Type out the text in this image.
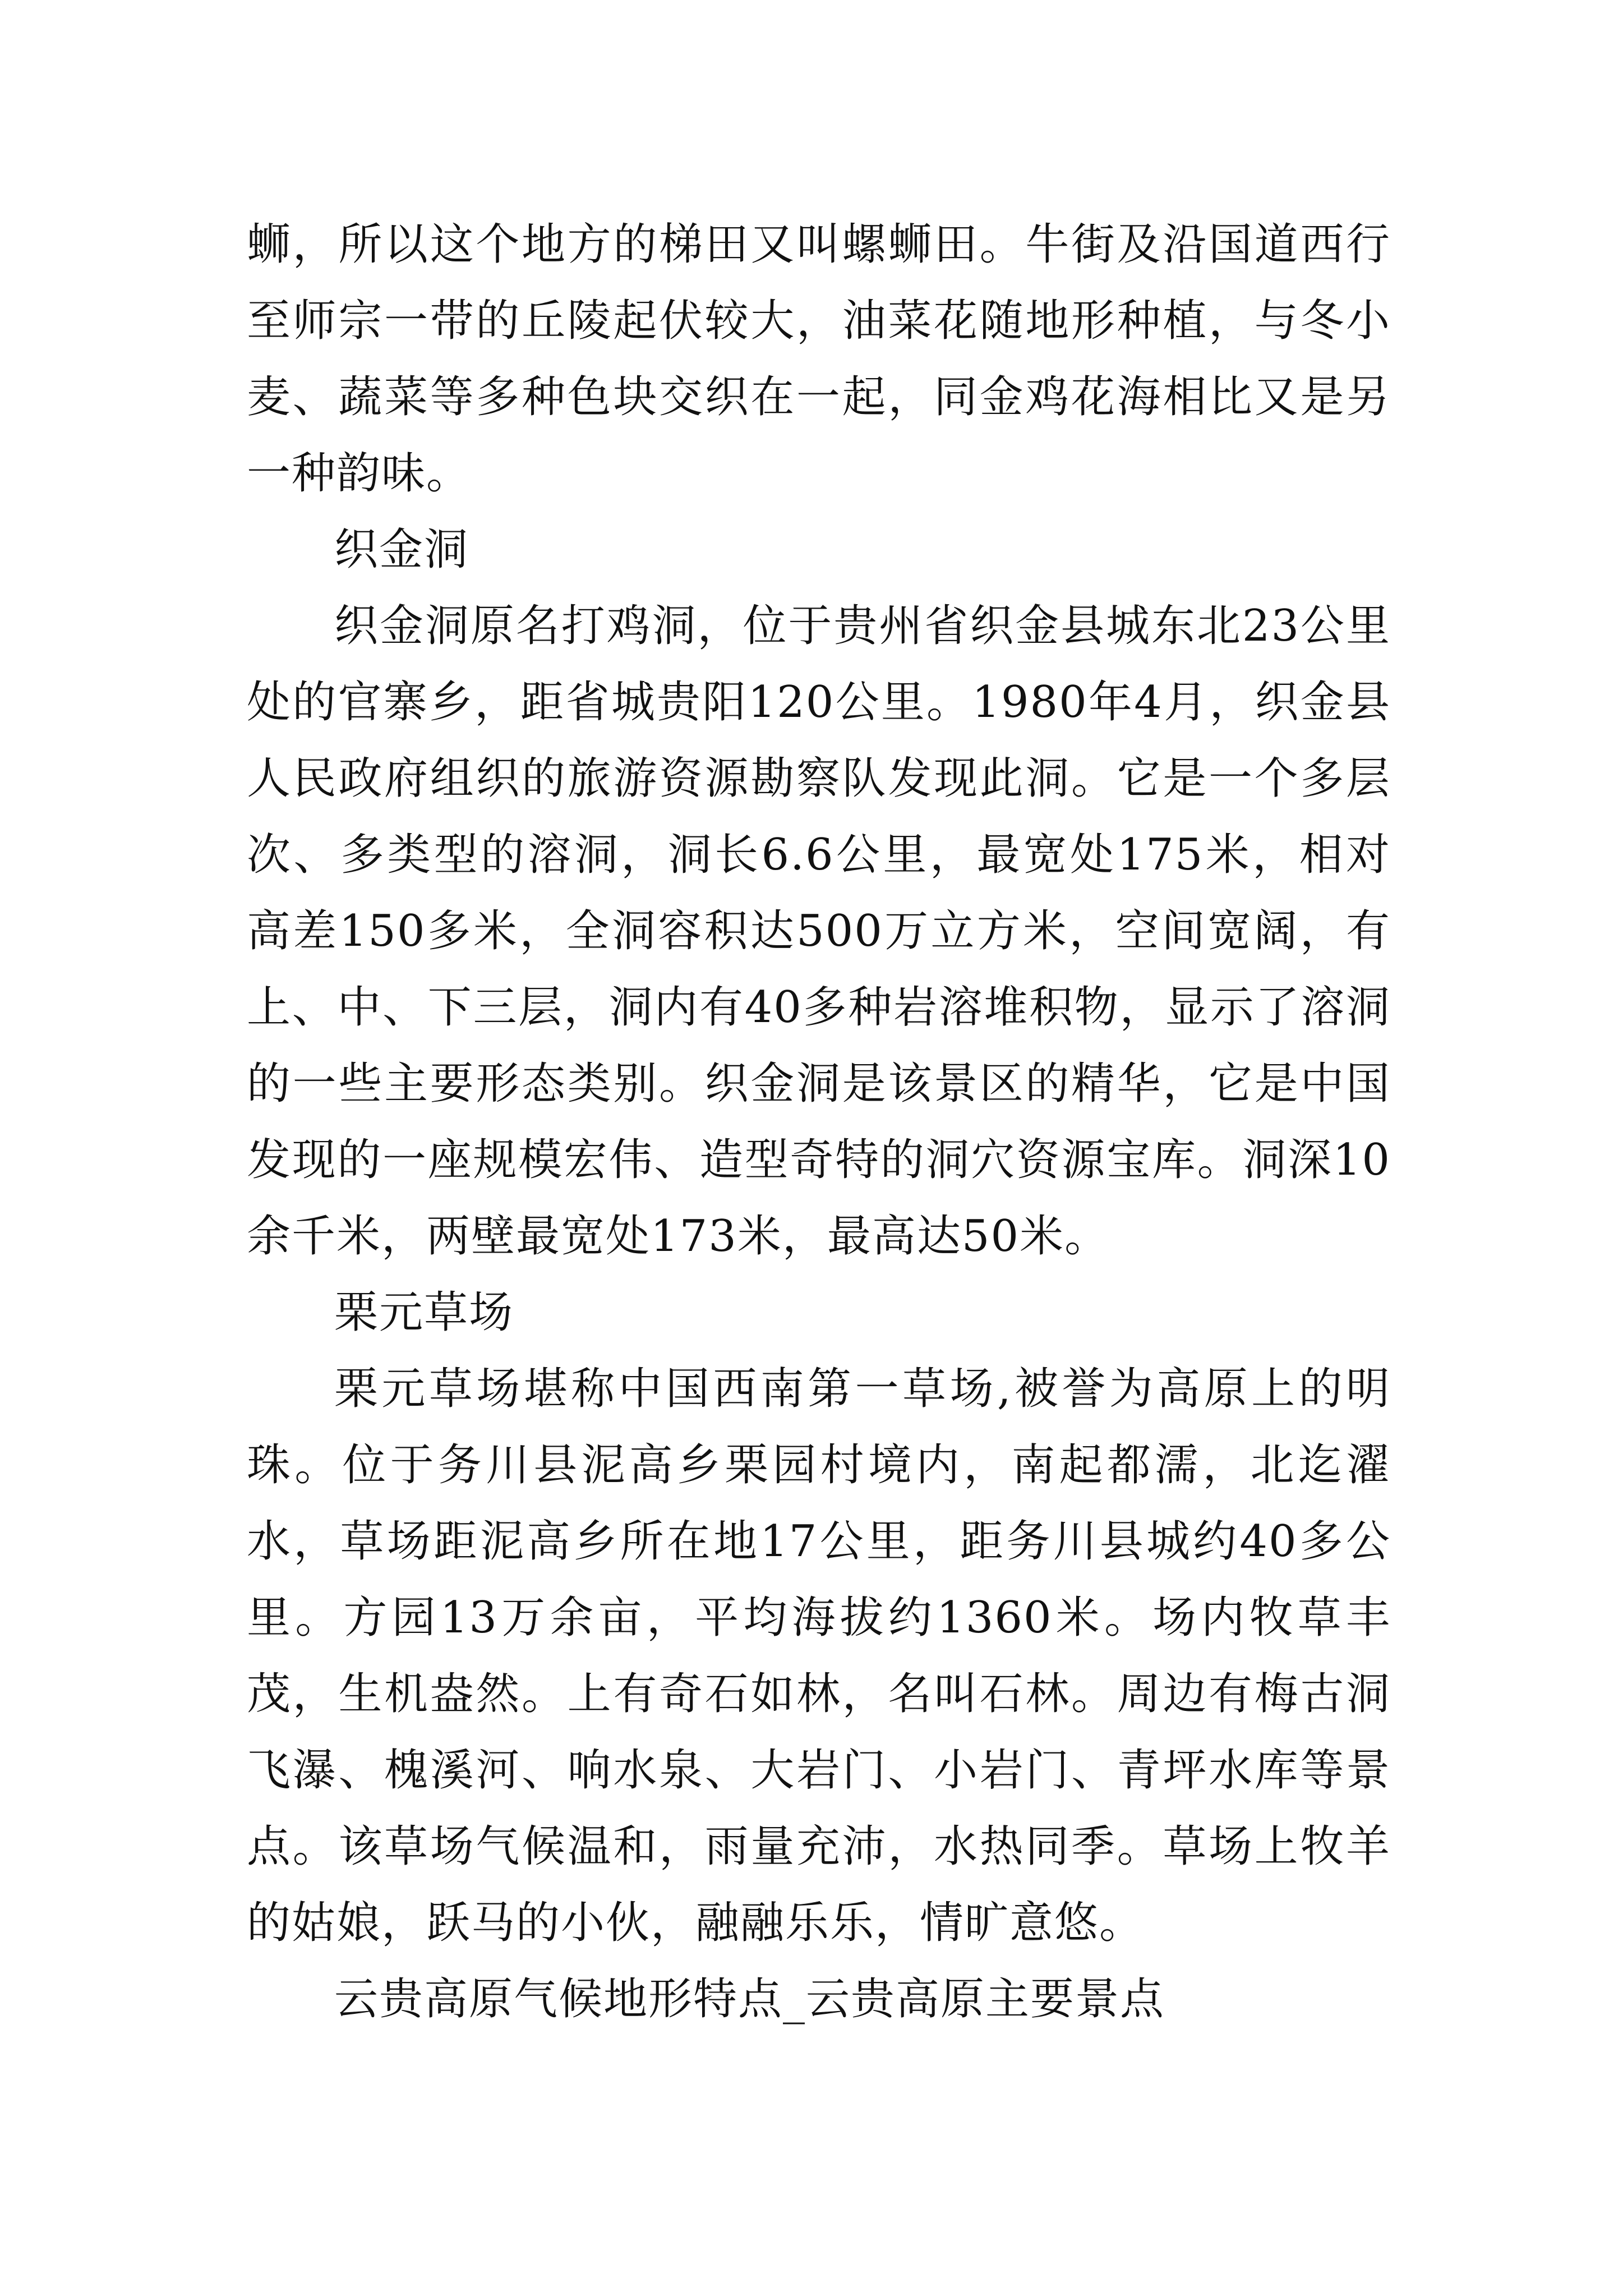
蛳，所以这个地方的梯田又叫螺蛳田。牛街及沿国道西行至师宗一带的丘陵起伏较大，油菜花随地形种植，与冬小麦、蔬菜等多种色块交织在一起，同金鸡花海相比又是另一种韵味。

织金洞

织金洞原名打鸡洞，位于贵州省织金县城东北23公里处的官寨乡，距省城贵阳120公里。1980年4月，织金县人民政府组织的旅游资源勘察队发现此洞。它是一个多层次、多类型的溶洞，洞长6.6公里，最宽处175米，相对高差150多米，全洞容积达500万立方米，空间宽阔，有上、中、下三层，洞内有40多种岩溶堆积物，显示了溶洞的一些主要形态类别。织金洞是该景区的精华，它是中国发现的一座规模宏伟、造型奇特的洞穴资源宝库。洞深10余千米，两壁最宽处173米，最高达50米。

栗元草场

栗元草场堪称中国西南第一草场,被誉为高原上的明珠。位于务川县泥高乡栗园村境内，南起都濡，北迄濯水，草场距泥高乡所在地17公里，距务川县城约40多公里。方园13万余亩，平均海拔约1360米。场内牧草丰茂，生机盎然。上有奇石如林，名叫石林。周边有梅古洞飞瀑、槐溪河、响水泉、大岩门、小岩门、青坪水库等景点。该草场气候温和，雨量充沛，水热同季。草场上牧羊的姑娘，跃马的小伙，融融乐乐，情旷意悠。

云贵高原气候地形特点_云贵高原主要景点
